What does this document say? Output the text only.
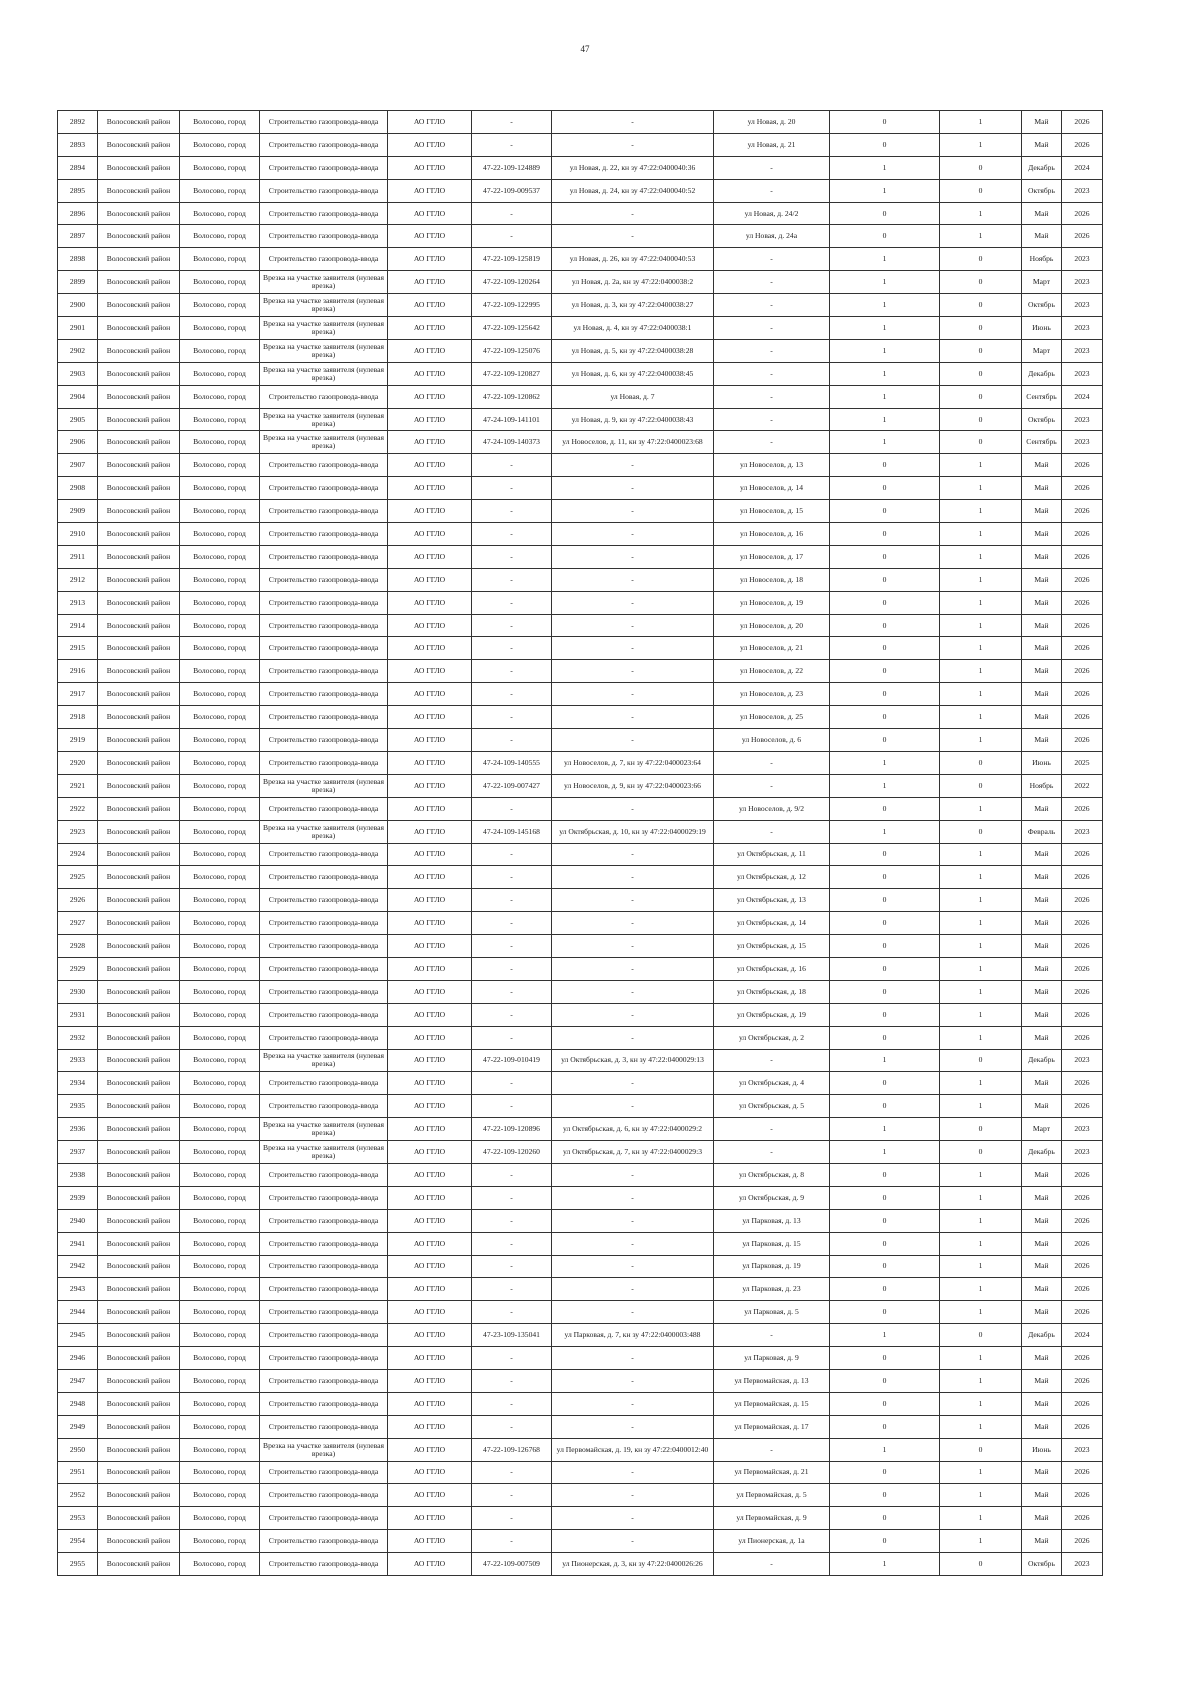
47
2892	Волосовский район	Волосово, город	Строительство газопровода-ввода	АО ГГЛО	-	-	ул Новая, д. 20	0	1	Май	2026
2893	Волосовский район	Волосово, город	Строительство газопровода-ввода	АО ГГЛО	-	-	ул Новая, д. 21	0	1	Май	2026
2894	Волосовский район	Волосово, город	Строительство газопровода-ввода	АО ГГЛО	47-22-109-124889	ул Новая, д. 22, кн зу 47:22:0400040:36	-	1	0	Декабрь	2024
2895	Волосовский район	Волосово, город	Строительство газопровода-ввода	АО ГГЛО	47-22-109-009537	ул Новая, д. 24, кн зу 47:22:0400040:52	-	1	0	Октябрь	2023
2896	Волосовский район	Волосово, город	Строительство газопровода-ввода	АО ГГЛО	-	-	ул Новая, д. 24/2	0	1	Май	2026
2897	Волосовский район	Волосово, город	Строительство газопровода-ввода	АО ГГЛО	-	-	ул Новая, д. 24а	0	1	Май	2026
2898	Волосовский район	Волосово, город	Строительство газопровода-ввода	АО ГГЛО	47-22-109-125819	ул Новая, д. 26, кн зу 47:22:0400040:53	-	1	0	Ноябрь	2023
2899	Волосовский район	Волосово, город	Врезка на участке заявителя (нулевая врезка)	АО ГГЛО	47-22-109-120264	ул Новая, д. 2а, кн зу 47:22:0400038:2	-	1	0	Март	2023
2900	Волосовский район	Волосово, город	Врезка на участке заявителя (нулевая врезка)	АО ГГЛО	47-22-109-122995	ул Новая, д. 3, кн зу 47:22:0400038:27	-	1	0	Октябрь	2023
2901	Волосовский район	Волосово, город	Врезка на участке заявителя (нулевая врезка)	АО ГГЛО	47-22-109-125642	ул Новая, д. 4, кн зу 47:22:0400038:1	-	1	0	Июнь	2023
2902	Волосовский район	Волосово, город	Врезка на участке заявителя (нулевая врезка)	АО ГГЛО	47-22-109-125076	ул Новая, д. 5, кн зу 47:22:0400038:28	-	1	0	Март	2023
2903	Волосовский район	Волосово, город	Врезка на участке заявителя (нулевая врезка)	АО ГГЛО	47-22-109-120827	ул Новая, д. 6, кн зу 47:22:0400038:45	-	1	0	Декабрь	2023
2904	Волосовский район	Волосово, город	Строительство газопровода-ввода	АО ГГЛО	47-22-109-120862	ул Новая, д. 7	-	1	0	Сентябрь	2024
2905	Волосовский район	Волосово, город	Врезка на участке заявителя (нулевая врезка)	АО ГГЛО	47-24-109-141101	ул Новая, д. 9, кн зу 47:22:0400038:43	-	1	0	Октябрь	2023
2906	Волосовский район	Волосово, город	Врезка на участке заявителя (нулевая врезка)	АО ГГЛО	47-24-109-140373	ул Новоселов, д. 11, кн зу 47:22:0400023:68	-	1	0	Сентябрь	2023
2907	Волосовский район	Волосово, город	Строительство газопровода-ввода	АО ГГЛО	-	-	ул Новоселов, д. 13	0	1	Май	2026
2908	Волосовский район	Волосово, город	Строительство газопровода-ввода	АО ГГЛО	-	-	ул Новоселов, д. 14	0	1	Май	2026
2909	Волосовский район	Волосово, город	Строительство газопровода-ввода	АО ГГЛО	-	-	ул Новоселов, д. 15	0	1	Май	2026
2910	Волосовский район	Волосово, город	Строительство газопровода-ввода	АО ГГЛО	-	-	ул Новоселов, д. 16	0	1	Май	2026
2911	Волосовский район	Волосово, город	Строительство газопровода-ввода	АО ГГЛО	-	-	ул Новоселов, д. 17	0	1	Май	2026
2912	Волосовский район	Волосово, город	Строительство газопровода-ввода	АО ГГЛО	-	-	ул Новоселов, д. 18	0	1	Май	2026
2913	Волосовский район	Волосово, город	Строительство газопровода-ввода	АО ГГЛО	-	-	ул Новоселов, д. 19	0	1	Май	2026
2914	Волосовский район	Волосово, город	Строительство газопровода-ввода	АО ГГЛО	-	-	ул Новоселов, д. 20	0	1	Май	2026
2915	Волосовский район	Волосово, город	Строительство газопровода-ввода	АО ГГЛО	-	-	ул Новоселов, д. 21	0	1	Май	2026
2916	Волосовский район	Волосово, город	Строительство газопровода-ввода	АО ГГЛО	-	-	ул Новоселов, д. 22	0	1	Май	2026
2917	Волосовский район	Волосово, город	Строительство газопровода-ввода	АО ГГЛО	-	-	ул Новоселов, д. 23	0	1	Май	2026
2918	Волосовский район	Волосово, город	Строительство газопровода-ввода	АО ГГЛО	-	-	ул Новоселов, д. 25	0	1	Май	2026
2919	Волосовский район	Волосово, город	Строительство газопровода-ввода	АО ГГЛО	-	-	ул Новоселов, д. 6	0	1	Май	2026
2920	Волосовский район	Волосово, город	Строительство газопровода-ввода	АО ГГЛО	47-24-109-140555	ул Новоселов, д. 7, кн зу 47:22:0400023:64	-	1	0	Июнь	2025
2921	Волосовский район	Волосово, город	Врезка на участке заявителя (нулевая врезка)	АО ГГЛО	47-22-109-007427	ул Новоселов, д. 9, кн зу 47:22:0400023:66	-	1	0	Ноябрь	2022
2922	Волосовский район	Волосово, город	Строительство газопровода-ввода	АО ГГЛО	-	-	ул Новоселов, д. 9/2	0	1	Май	2026
2923	Волосовский район	Волосово, город	Врезка на участке заявителя (нулевая врезка)	АО ГГЛО	47-24-109-145168	ул Октябрьская, д. 10, кн зу 47:22:0400029:19	-	1	0	Февраль	2023
2924	Волосовский район	Волосово, город	Строительство газопровода-ввода	АО ГГЛО	-	-	ул Октябрьская, д. 11	0	1	Май	2026
2925	Волосовский район	Волосово, город	Строительство газопровода-ввода	АО ГГЛО	-	-	ул Октябрьская, д. 12	0	1	Май	2026
2926	Волосовский район	Волосово, город	Строительство газопровода-ввода	АО ГГЛО	-	-	ул Октябрьская, д. 13	0	1	Май	2026
2927	Волосовский район	Волосово, город	Строительство газопровода-ввода	АО ГГЛО	-	-	ул Октябрьская, д. 14	0	1	Май	2026
2928	Волосовский район	Волосово, город	Строительство газопровода-ввода	АО ГГЛО	-	-	ул Октябрьская, д. 15	0	1	Май	2026
2929	Волосовский район	Волосово, город	Строительство газопровода-ввода	АО ГГЛО	-	-	ул Октябрьская, д. 16	0	1	Май	2026
2930	Волосовский район	Волосово, город	Строительство газопровода-ввода	АО ГГЛО	-	-	ул Октябрьская, д. 18	0	1	Май	2026
2931	Волосовский район	Волосово, город	Строительство газопровода-ввода	АО ГГЛО	-	-	ул Октябрьская, д. 19	0	1	Май	2026
2932	Волосовский район	Волосово, город	Строительство газопровода-ввода	АО ГГЛО	-	-	ул Октябрьская, д. 2	0	1	Май	2026
2933	Волосовский район	Волосово, город	Врезка на участке заявителя (нулевая врезка)	АО ГГЛО	47-22-109-010419	ул Октябрьская, д. 3, кн зу 47:22:0400029:13	-	1	0	Декабрь	2023
2934	Волосовский район	Волосово, город	Строительство газопровода-ввода	АО ГГЛО	-	-	ул Октябрьская, д. 4	0	1	Май	2026
2935	Волосовский район	Волосово, город	Строительство газопровода-ввода	АО ГГЛО	-	-	ул Октябрьская, д. 5	0	1	Май	2026
2936	Волосовский район	Волосово, город	Врезка на участке заявителя (нулевая врезка)	АО ГГЛО	47-22-109-120896	ул Октябрьская, д. 6, кн зу 47:22:0400029:2	-	1	0	Март	2023
2937	Волосовский район	Волосово, город	Врезка на участке заявителя (нулевая врезка)	АО ГГЛО	47-22-109-120260	ул Октябрьская, д. 7, кн зу 47:22:0400029:3	-	1	0	Декабрь	2023
2938	Волосовский район	Волосово, город	Строительство газопровода-ввода	АО ГГЛО	-	-	ул Октябрьская, д. 8	0	1	Май	2026
2939	Волосовский район	Волосово, город	Строительство газопровода-ввода	АО ГГЛО	-	-	ул Октябрьская, д. 9	0	1	Май	2026
2940	Волосовский район	Волосово, город	Строительство газопровода-ввода	АО ГГЛО	-	-	ул Парковая, д. 13	0	1	Май	2026
2941	Волосовский район	Волосово, город	Строительство газопровода-ввода	АО ГГЛО	-	-	ул Парковая, д. 15	0	1	Май	2026
2942	Волосовский район	Волосово, город	Строительство газопровода-ввода	АО ГГЛО	-	-	ул Парковая, д. 19	0	1	Май	2026
2943	Волосовский район	Волосово, город	Строительство газопровода-ввода	АО ГГЛО	-	-	ул Парковая, д. 23	0	1	Май	2026
2944	Волосовский район	Волосово, город	Строительство газопровода-ввода	АО ГГЛО	-	-	ул Парковая, д. 5	0	1	Май	2026
2945	Волосовский район	Волосово, город	Строительство газопровода-ввода	АО ГГЛО	47-23-109-135041	ул Парковая, д. 7, кн зу 47:22:0400003:488	-	1	0	Декабрь	2024
2946	Волосовский район	Волосово, город	Строительство газопровода-ввода	АО ГГЛО	-	-	ул Парковая, д. 9	0	1	Май	2026
2947	Волосовский район	Волосово, город	Строительство газопровода-ввода	АО ГГЛО	-	-	ул Первомайская, д. 13	0	1	Май	2026
2948	Волосовский район	Волосово, город	Строительство газопровода-ввода	АО ГГЛО	-	-	ул Первомайская, д. 15	0	1	Май	2026
2949	Волосовский район	Волосово, город	Строительство газопровода-ввода	АО ГГЛО	-	-	ул Первомайская, д. 17	0	1	Май	2026
2950	Волосовский район	Волосово, город	Врезка на участке заявителя (нулевая врезка)	АО ГГЛО	47-22-109-126768	ул Первомайская, д. 19, кн зу 47:22:0400012:40	-	1	0	Июнь	2023
2951	Волосовский район	Волосово, город	Строительство газопровода-ввода	АО ГГЛО	-	-	ул Первомайская, д. 21	0	1	Май	2026
2952	Волосовский район	Волосово, город	Строительство газопровода-ввода	АО ГГЛО	-	-	ул Первомайская, д. 5	0	1	Май	2026
2953	Волосовский район	Волосово, город	Строительство газопровода-ввода	АО ГГЛО	-	-	ул Первомайская, д. 9	0	1	Май	2026
2954	Волосовский район	Волосово, город	Строительство газопровода-ввода	АО ГГЛО	-	-	ул Пионерская, д. 1а	0	1	Май	2026
2955	Волосовский район	Волосово, город	Строительство газопровода-ввода	АО ГГЛО	47-22-109-007509	ул Пионерская, д. 3, кн зу 47:22:0400026:26	-	1	0	Октябрь	2023
